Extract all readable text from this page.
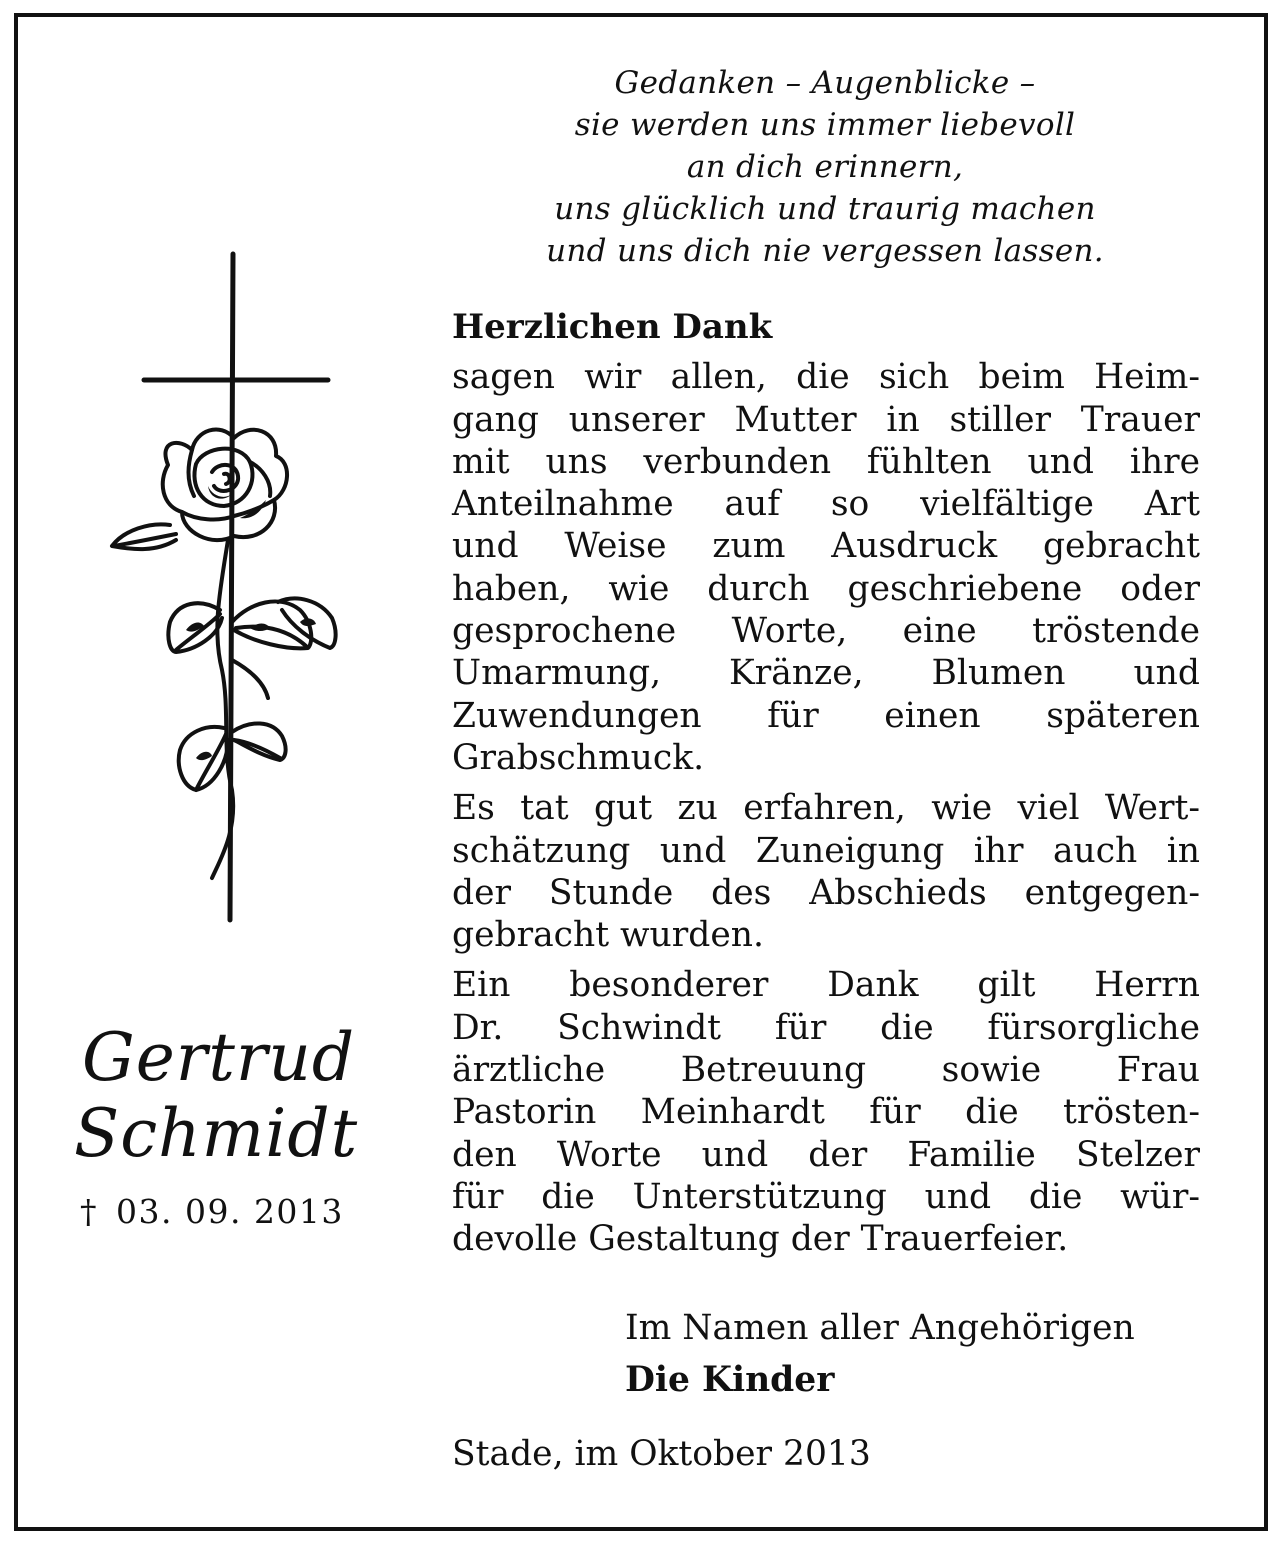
Gedanken – Augenblicke –
sie werden uns immer liebevoll
an dich erinnern,
uns glücklich und traurig machen
und uns dich nie vergessen lassen.
Herzlichen Dank
sagen wir allen, die sich beim Heim-
gang unserer Mutter in stiller Trauer
mit uns verbunden fühlten und ihre
Anteilnahme auf so vielfältige Art
und Weise zum Ausdruck gebracht
haben, wie durch geschriebene oder
gesprochene Worte, eine tröstende
Umarmung, Kränze, Blumen und
Zuwendungen für einen späteren
Grabschmuck.
Es tat gut zu erfahren, wie viel Wert-
schätzung und Zuneigung ihr auch in
der Stunde des Abschieds entgegen-
gebracht wurden.
Ein besonderer Dank gilt Herrn
Dr. Schwindt für die fürsorgliche
ärztliche Betreuung sowie Frau
Pastorin Meinhardt für die trösten-
den Worte und der Familie Stelzer
für die Unterstützung und die wür-
devolle Gestaltung der Trauerfeier.
Im Namen aller Angehörigen
Die Kinder
Stade, im Oktober 2013
Gertrud
Schmidt
† 03. 09. 2013
